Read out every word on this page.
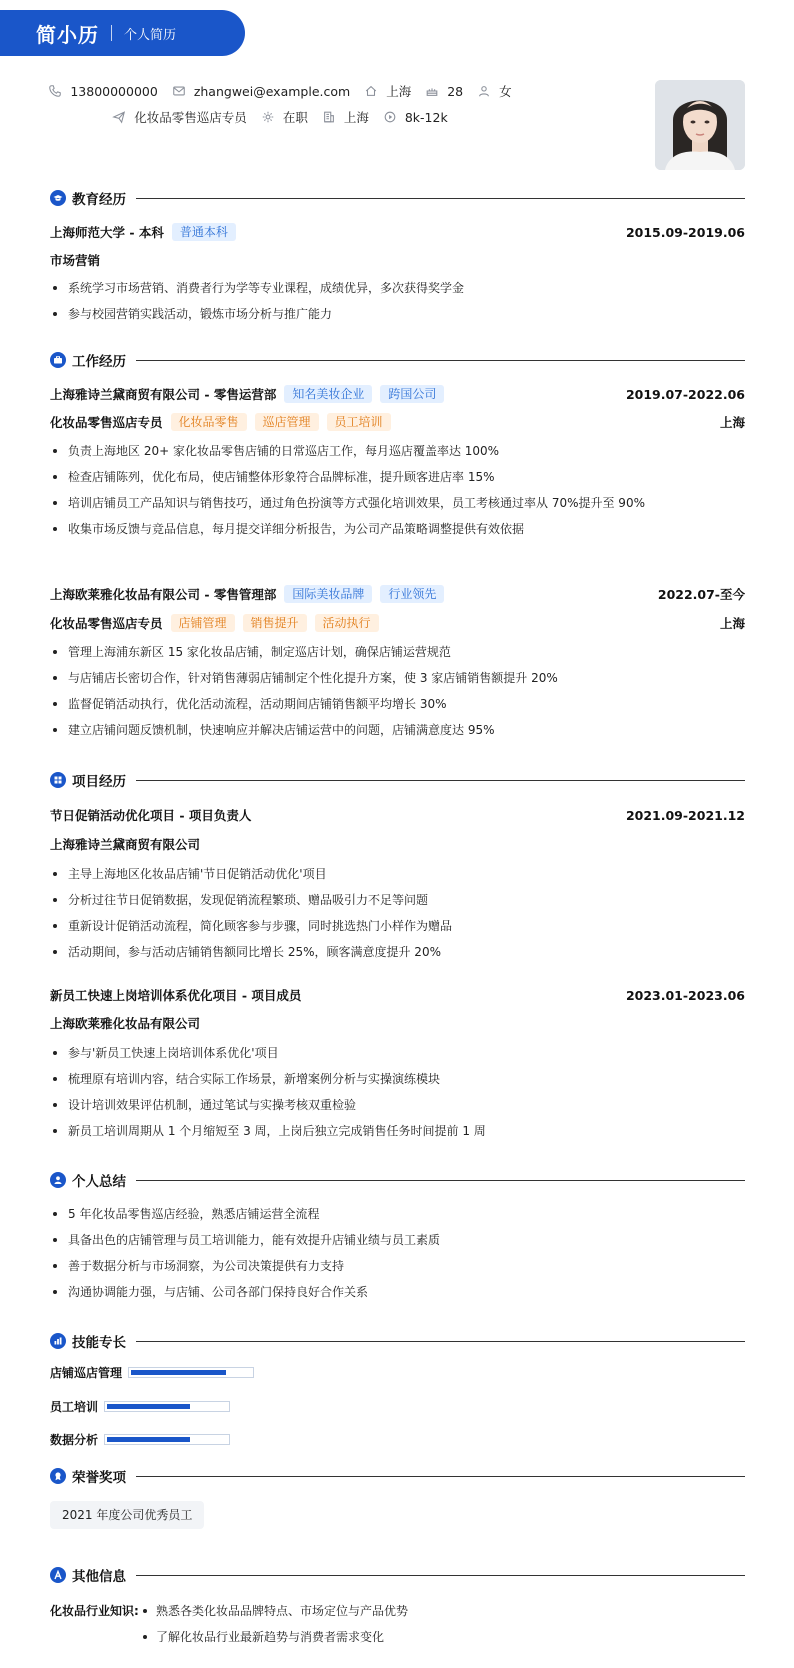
简小历 个人简历
13800000000	zhangwei@example.com	上海	28	女
化妆品零售巡店专员	在职	上海	8k-12k
教育经历
上海师范大学 - 本科	普通本科	2015.09-2019.06
市场营销
系统学习市场营销、消费者行为学等专业课程，成绩优异，多次获得奖学金
参与校园营销实践活动，锻炼市场分析与推广能力
工作经历
上海雅诗兰黛商贸有限公司 - 零售运营部	知名美妆企业	跨国公司	2019.07-2022.06
化妆品零售巡店专员	化妆品零售	巡店管理	员工培训	上海
负责上海地区 20+ 家化妆品零售店铺的日常巡店工作，每月巡店覆盖率达 100%
检查店铺陈列，优化布局，使店铺整体形象符合品牌标准，提升顾客进店率 15%
培训店铺员工产品知识与销售技巧，通过角色扮演等方式强化培训效果，员工考核通过率从 70%提升至 90%
收集市场反馈与竞品信息，每月提交详细分析报告，为公司产品策略调整提供有效依据
上海欧莱雅化妆品有限公司 - 零售管理部	国际美妆品牌	行业领先	2022.07-至今
化妆品零售巡店专员	店铺管理	销售提升	活动执行	上海
管理上海浦东新区 15 家化妆品店铺，制定巡店计划，确保店铺运营规范
与店铺店长密切合作，针对销售薄弱店铺制定个性化提升方案，使 3 家店铺销售额提升 20%
监督促销活动执行，优化活动流程，活动期间店铺销售额平均增长 30%
建立店铺问题反馈机制，快速响应并解决店铺运营中的问题，店铺满意度达 95%
项目经历
节日促销活动优化项目 - 项目负责人	2021.09-2021.12
上海雅诗兰黛商贸有限公司
主导上海地区化妆品店铺'节日促销活动优化'项目
分析过往节日促销数据，发现促销流程繁琐、赠品吸引力不足等问题
重新设计促销活动流程，简化顾客参与步骤，同时挑选热门小样作为赠品
活动期间，参与活动店铺销售额同比增长 25%，顾客满意度提升 20%
新员工快速上岗培训体系优化项目 - 项目成员	2023.01-2023.06
上海欧莱雅化妆品有限公司
参与'新员工快速上岗培训体系优化'项目
梳理原有培训内容，结合实际工作场景，新增案例分析与实操演练模块
设计培训效果评估机制，通过笔试与实操考核双重检验
新员工培训周期从 1 个月缩短至 3 周，上岗后独立完成销售任务时间提前 1 周
个人总结
5 年化妆品零售巡店经验，熟悉店铺运营全流程
具备出色的店铺管理与员工培训能力，能有效提升店铺业绩与员工素质
善于数据分析与市场洞察，为公司决策提供有力支持
沟通协调能力强，与店铺、公司各部门保持良好合作关系
技能专长
店铺巡店管理
员工培训
数据分析
荣誉奖项
2021 年度公司优秀员工
其他信息
化妆品行业知识:	熟悉各类化妆品品牌特点、市场定位与产品优势
了解化妆品行业最新趋势与消费者需求变化
